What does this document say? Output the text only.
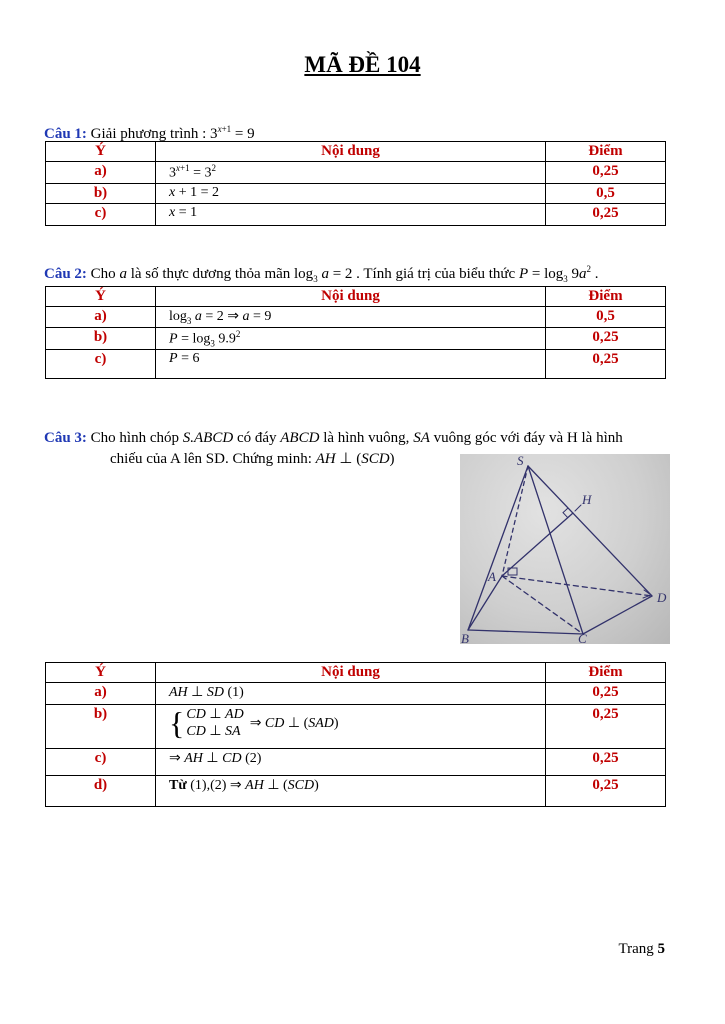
MÃ ĐỀ 104
Câu 1: Giải phương trình : $3^{x+1} = 9$
Ý	Nội dung	Điểm
a)	$3^{x+1} = 3^2$	0,25
b)	x + 1 = 2	0,5
c)	x = 1	0,25
Câu 2: Cho a là số thực dương thỏa mãn $\log_3 a = 2$ . Tính giá trị của biểu thức $P = \log_3 9a^2$ .
Ý	Nội dung	Điểm
a)	$\log_3 a = 2$ ⇒ a = 9	0,5
b)	$P = \log_3 9.9^2$	0,25
c)	P = 6	0,25
Câu 3: Cho hình chóp S.ABCD có đáy ABCD là hình vuông, SA vuông góc với đáy và H là hình
chiếu của A lên SD. Chứng minh: AH ⊥ (SCD)	S
H
A
B	C
D
Ý	Nội dung	Điểm
a)	AH ⊥ SD (1)	0,25
b)	{ CD ⊥ AD
CD ⊥ SA
⇒ CD ⊥ (SAD)	0,25
c)	⇒ AH ⊥ CD (2)	0,25
d)	Từ (1),(2) ⇒ AH ⊥ (SCD)	0,25
Trang 5
